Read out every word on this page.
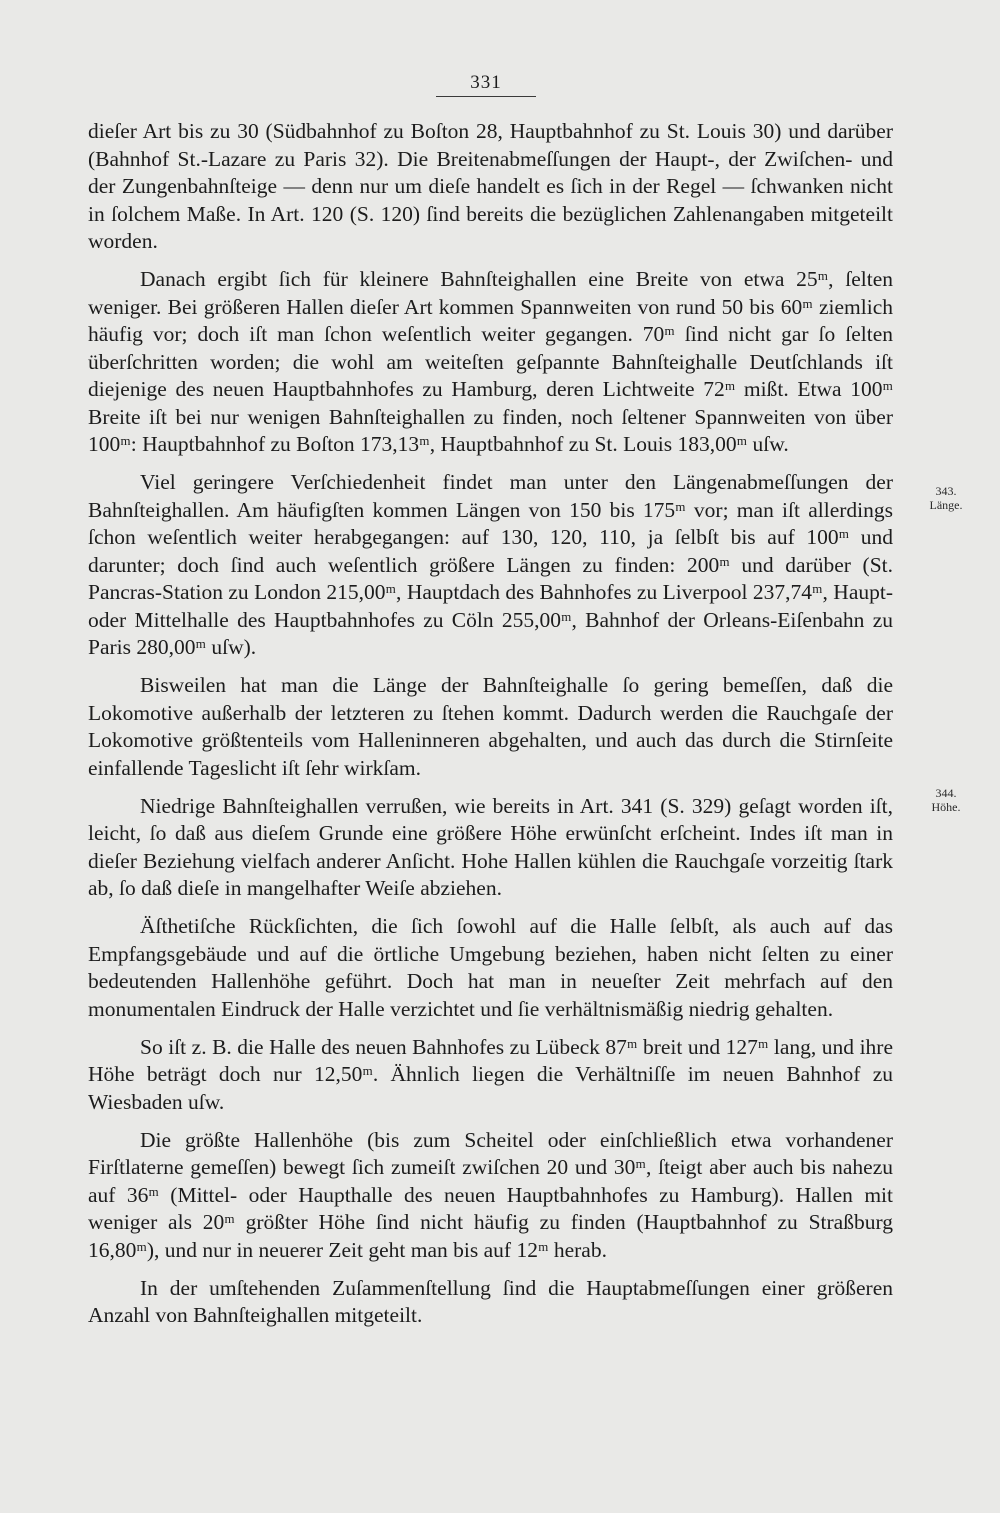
331

dieſer Art bis zu 30 (Südbahnhof zu Boſton 28, Hauptbahnhof zu St. Louis 30) und darüber (Bahnhof St.-Lazare zu Paris 32). Die Breitenabmeſſungen der Haupt-, der Zwiſchen- und der Zungenbahnſteige — denn nur um dieſe handelt es ſich in der Regel — ſchwanken nicht in ſolchem Maße. In Art. 120 (S. 120) ſind bereits die bezüglichen Zahlenangaben mitgeteilt worden.

Danach ergibt ſich für kleinere Bahnſteighallen eine Breite von etwa 25ᵐ, ſelten weniger. Bei größeren Hallen dieſer Art kommen Spannweiten von rund 50 bis 60ᵐ ziemlich häufig vor; doch iſt man ſchon weſentlich weiter gegangen. 70ᵐ ſind nicht gar ſo ſelten überſchritten worden; die wohl am weiteſten geſpannte Bahnſteighalle Deutſchlands iſt diejenige des neuen Hauptbahnhofes zu Hamburg, deren Lichtweite 72ᵐ mißt. Etwa 100ᵐ Breite iſt bei nur wenigen Bahnſteighallen zu finden, noch ſeltener Spannweiten von über 100ᵐ: Hauptbahnhof zu Boſton 173,13ᵐ, Hauptbahnhof zu St. Louis 183,00ᵐ uſw.

Viel geringere Verſchiedenheit findet man unter den Längenabmeſſungen der Bahnſteighallen. Am häufigſten kommen Längen von 150 bis 175ᵐ vor; man iſt allerdings ſchon weſentlich weiter herabgegangen: auf 130, 120, 110, ja ſelbſt bis auf 100ᵐ und darunter; doch ſind auch weſentlich größere Längen zu finden: 200ᵐ und darüber (St. Pancras-Station zu London 215,00ᵐ, Hauptdach des Bahnhofes zu Liverpool 237,74ᵐ, Haupt- oder Mittelhalle des Hauptbahnhofes zu Cöln 255,00ᵐ, Bahnhof der Orleans-Eiſenbahn zu Paris 280,00ᵐ uſw).

Bisweilen hat man die Länge der Bahnſteighalle ſo gering bemeſſen, daß die Lokomotive außerhalb der letzteren zu ſtehen kommt. Dadurch werden die Rauchgaſe der Lokomotive größtenteils vom Halleninneren abgehalten, und auch das durch die Stirnſeite einfallende Tageslicht iſt ſehr wirkſam.

Niedrige Bahnſteighallen verrußen, wie bereits in Art. 341 (S. 329) geſagt worden iſt, leicht, ſo daß aus dieſem Grunde eine größere Höhe erwünſcht erſcheint. Indes iſt man in dieſer Beziehung vielfach anderer Anſicht. Hohe Hallen kühlen die Rauchgaſe vorzeitig ſtark ab, ſo daß dieſe in mangelhafter Weiſe abziehen.

Äſthetiſche Rückſichten, die ſich ſowohl auf die Halle ſelbſt, als auch auf das Empfangsgebäude und auf die örtliche Umgebung beziehen, haben nicht ſelten zu einer bedeutenden Hallenhöhe geführt. Doch hat man in neueſter Zeit mehrfach auf den monumentalen Eindruck der Halle verzichtet und ſie verhältnismäßig niedrig gehalten.

So iſt z. B. die Halle des neuen Bahnhofes zu Lübeck 87ᵐ breit und 127ᵐ lang, und ihre Höhe beträgt doch nur 12,50ᵐ. Ähnlich liegen die Verhältniſſe im neuen Bahnhof zu Wiesbaden uſw.

Die größte Hallenhöhe (bis zum Scheitel oder einſchließlich etwa vorhandener Firſtlaterne gemeſſen) bewegt ſich zumeiſt zwiſchen 20 und 30ᵐ, ſteigt aber auch bis nahezu auf 36ᵐ (Mittel- oder Haupthalle des neuen Hauptbahnhofes zu Hamburg). Hallen mit weniger als 20ᵐ größter Höhe ſind nicht häufig zu finden (Hauptbahnhof zu Straßburg 16,80ᵐ), und nur in neuerer Zeit geht man bis auf 12ᵐ herab.

In der umſtehenden Zuſammenſtellung ſind die Hauptabmeſſungen einer größeren Anzahl von Bahnſteighallen mitgeteilt.

343.
Länge.
344.
Höhe.
